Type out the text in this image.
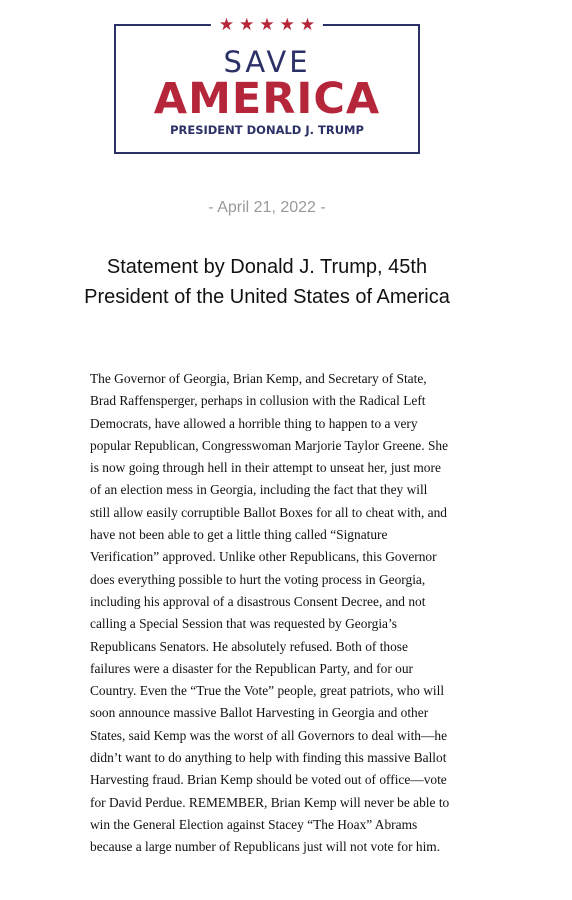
★ ★ ★ ★ ★
SAVE
AMERICA
PRESIDENT DONALD J. TRUMP
- April 21, 2022 -
Statement by Donald J. Trump, 45th President of the United States of America

The Governor of Georgia, Brian Kemp, and Secretary of State, Brad Raffensperger, perhaps in collusion with the Radical Left Democrats, have allowed a horrible thing to happen to a very popular Republican, Congresswoman Marjorie Taylor Greene. She is now going through hell in their attempt to unseat her, just more of an election mess in Georgia, including the fact that they will still allow easily corruptible Ballot Boxes for all to cheat with, and have not been able to get a little thing called “Signature Verification” approved. Unlike other Republicans, this Governor does everything possible to hurt the voting process in Georgia, including his approval of a disastrous Consent Decree, and not calling a Special Session that was requested by Georgia’s Republicans Senators. He absolutely refused. Both of those failures were a disaster for the Republican Party, and for our Country. Even the “True the Vote” people, great patriots, who will soon announce massive Ballot Harvesting in Georgia and other States, said Kemp was the worst of all Governors to deal with—he didn’t want to do anything to help with finding this massive Ballot Harvesting fraud. Brian Kemp should be voted out of office—vote for David Perdue. REMEMBER, Brian Kemp will never be able to win the General Election against Stacey “The Hoax” Abrams because a large number of Republicans just will not vote for him.
